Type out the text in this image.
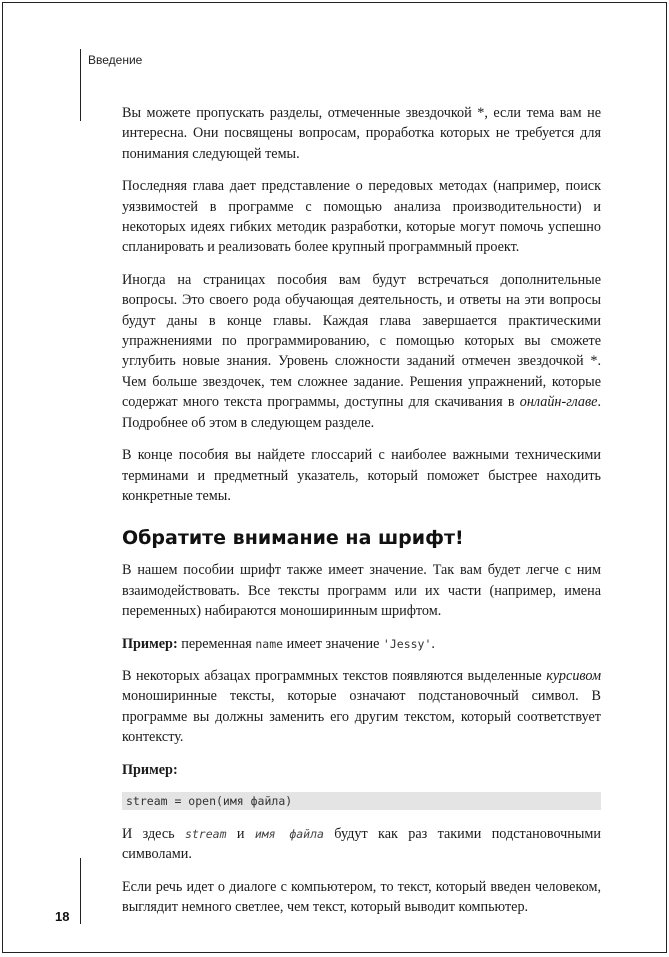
Введение

Вы можете пропускать разделы, отмеченные звездочкой *, если тема вам не интересна. Они посвящены вопросам, проработка которых не требуется для понимания следующей темы.

Последняя глава дает представление о передовых методах (например, поиск уязвимостей в программе с помощью анализа производительности) и некоторых идеях гибких методик разработки, которые могут помочь успешно спланировать и реализовать более крупный программный проект.

Иногда на страницах пособия вам будут встречаться дополнительные вопросы. Это своего рода обучающая деятельность, и ответы на эти вопросы будут даны в конце главы. Каждая глава завершается практическими упражнениями по программированию, с помощью которых вы сможете углубить новые знания. Уровень сложности заданий отмечен звездочкой *. Чем больше звездочек, тем сложнее задание. Решения упражнений, которые содержат много текста программы, доступны для скачивания в онлайн-главе. Подробнее об этом в следующем разделе.

В конце пособия вы найдете глоссарий с наиболее важными техническими терминами и предметный указатель, который поможет быстрее находить конкретные темы.

Обратите внимание на шрифт!

В нашем пособии шрифт также имеет значение. Так вам будет легче с ним взаимодействовать. Все тексты программ или их части (например, имена переменных) набираются моноширинным шрифтом.

Пример: переменная name имеет значение 'Jessy'.

В некоторых абзацах программных текстов появляются выделенные курсивом моноширинные тексты, которые означают подстановочный символ. В программе вы должны заменить его другим текстом, который соответствует контексту.

Пример:

stream = open(имя файла)

И здесь stream и имя файла будут как раз такими подстановочными символами.

Если речь идет о диалоге с компьютером, то текст, который введен человеком, выглядит немного светлее, чем текст, который выводит компьютер.

18
